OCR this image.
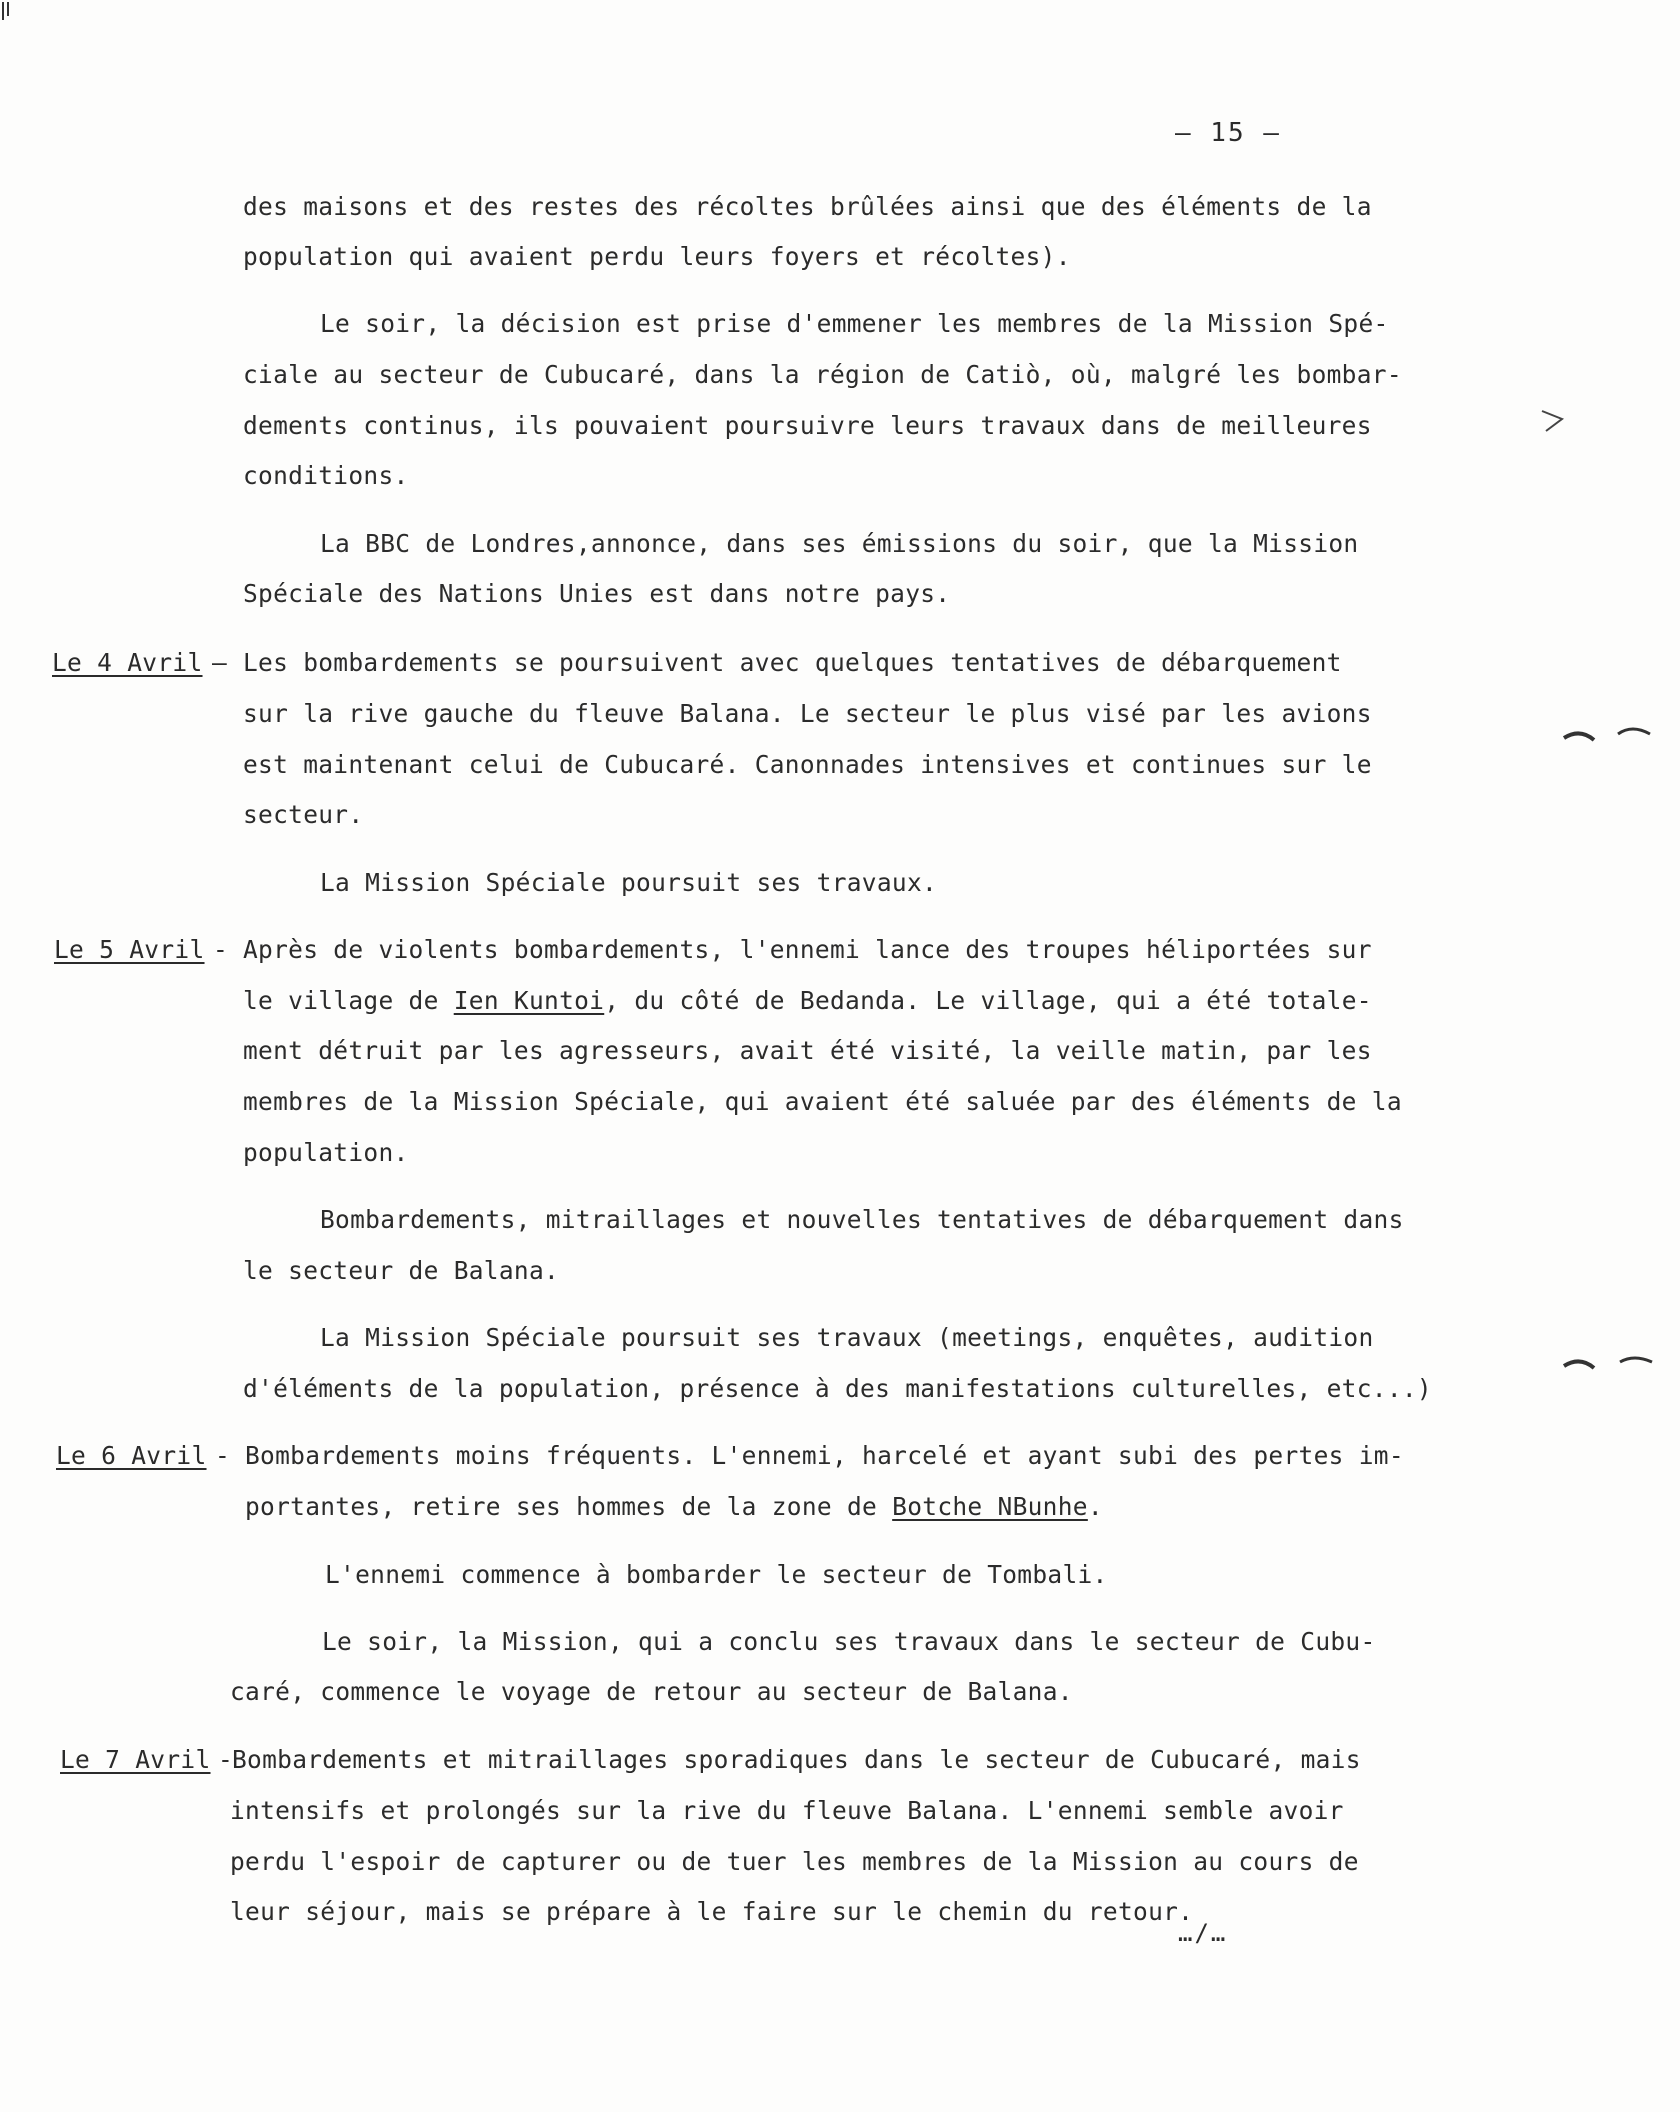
– 15 –
des maisons et des restes des récoltes brûlées ainsi que des éléments de la
population qui avaient perdu leurs foyers et récoltes).
Le soir, la décision est prise d'emmener les membres de la Mission Spé-
ciale au secteur de Cubucaré, dans la région de Catiò, où, malgré les bombar-
dements continus, ils pouvaient poursuivre leurs travaux dans de meilleures
conditions.
La BBC de Londres,annonce, dans ses émissions du soir, que la Mission
Spéciale des Nations Unies est dans notre pays.
Le 4 Avril — Les bombardements se poursuivent avec quelques tentatives de débarquement
sur la rive gauche du fleuve Balana. Le secteur le plus visé par les avions
est maintenant celui de Cubucaré. Canonnades intensives et continues sur le
secteur.
La Mission Spéciale poursuit ses travaux.
Le 5 Avril - Après de violents bombardements, l'ennemi lance des troupes héliportées sur
le village de Ien Kuntoi, du côté de Bedanda. Le village, qui a été totale-
ment détruit par les agresseurs, avait été visité, la veille matin, par les
membres de la Mission Spéciale, qui avaient été saluée par des éléments de la
population.
Bombardements, mitraillages et nouvelles tentatives de débarquement dans
le secteur de Balana.
La Mission Spéciale poursuit ses travaux (meetings, enquêtes, audition
d'éléments de la population, présence à des manifestations culturelles, etc...)
Le 6 Avril - Bombardements moins fréquents. L'ennemi, harcelé et ayant subi des pertes im-
portantes, retire ses hommes de la zone de Botche NBunhe.
L'ennemi commence à bombarder le secteur de Tombali.
Le soir, la Mission, qui a conclu ses travaux dans le secteur de Cubu-
caré, commence le voyage de retour au secteur de Balana.
Le 7 Avril -
Bombardements et mitraillages sporadiques dans le secteur de Cubucaré, mais
intensifs et prolongés sur la rive du fleuve Balana. L'ennemi semble avoir
perdu l'espoir de capturer ou de tuer les membres de la Mission au cours de
leur séjour, mais se prépare à le faire sur le chemin du retour.
…/…
